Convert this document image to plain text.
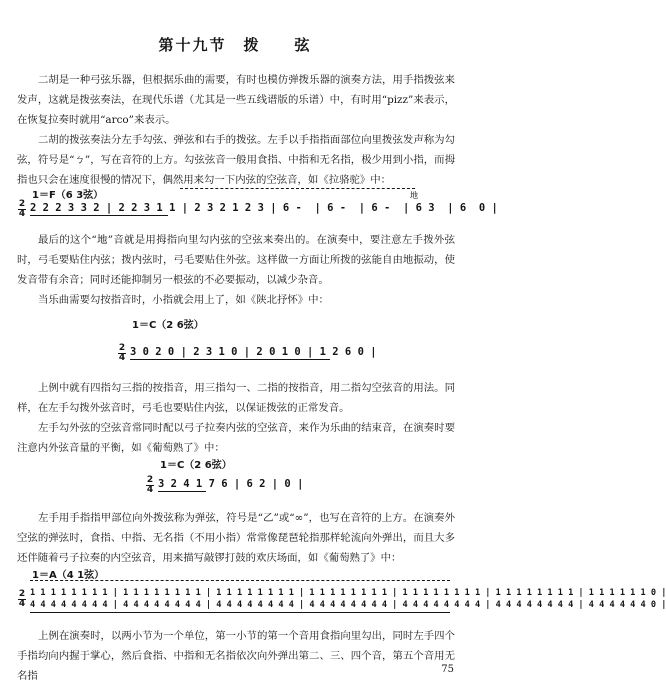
第十九节　拨　　弦

二胡是一种弓弦乐器，但根据乐曲的需要，有时也模仿弹拨乐器的演奏方法，用手指拨弦来发声，这就是拨弦奏法，在现代乐谱（尤其是一些五线谱版的乐谱）中，有时用“pizz”来表示，在恢复拉奏时就用“arco”来表示。

二胡的拨弦奏法分左手勾弦、弹弦和右手的拨弦。左手以手指指面部位向里拨弦发声称为勾弦，符号是“ㄅ”，写在音符的上方。勾弦弦音一般用食指、中指和无名指，极少用到小指，而拇指也只会在速度很慢的情况下，偶然用来勾一下内弦的空弦音，如《拉骆驼》中：

1＝F（6 3弦）
2
4
㆞
2 2 2 3 3 2 | 2 2 3 1 1 | 2 3 2 1 2 3 | 6 -  | 6 -  | 6 -  | 6 3  | 6  0 |

最后的这个“㆞”音就是用拇指向里勾内弦的空弦来奏出的。在演奏中，要注意左手拨外弦时，弓毛要贴住内弦；拨内弦时，弓毛要贴住外弦。这样做一方面让所拨的弦能自由地振动，使发音带有余音；同时还能抑制另一根弦的不必要振动，以减少杂音。

当乐曲需要勾按指音时，小指就会用上了，如《陕北抒怀》中：

1＝C（2 6弦）
2
4 3 0 2 0 | 2 3 1 0 | 2 0 1 0 | 1 2 6 0 |

上例中就有四指勾三指的按指音，用三指勾一、二指的按指音，用二指勾空弦音的用法。同样，在左手勾拨外弦音时，弓毛也要贴住内弦，以保证拨弦的正常发音。

左手勾外弦的空弦音常同时配以弓子拉奏内弦的空弦音，来作为乐曲的结束音，在演奏时要注意内外弦音量的平衡，如《葡萄熟了》中：

1＝C（2 6弦）
2
4 3 2 4 1 7 6 | 6 2 | 0 |

左手用手指指甲部位向外拨弦称为弹弦，符号是“乙”或“∞”，也写在音符的上方。在演奏外空弦的弹弦时，食指、中指、无名指（不用小指）常常像琵琶轮指那样轮流向外弹出，而且大多还伴随着弓子拉奏的内空弦音，用来描写敲锣打鼓的欢庆场面，如《葡萄熟了》中：

1＝A（4 1弦）
2
4
1 1 1 1 1 1 1 1 | 1 1 1 1 1 1 1 1 | 1 1 1 1 1 1 1 1 | 1 1 1 1 1 1 1 1 | 1 1 1 1 1 1 1 1 | 1 1 1 1 1 1 1 1 | 1 1 1 1 1 1 0 |
4 4 4 4 4 4 4 4 | 4 4 4 4 4 4 4 4 | 4 4 4 4 4 4 4 4 | 4 4 4 4 4 4 4 4 | 4 4 4 4 4 4 4 4 | 4 4 4 4 4 4 4 4 | 4 4 4 4 4 4 0 |

上例在演奏时，以两小节为一个单位，第一小节的第一个音用食指向里勾出，同时左手四个手指均向内握于掌心，然后食指、中指和无名指依次向外弹出第二、三、四个音，第五个音用无名指

75
